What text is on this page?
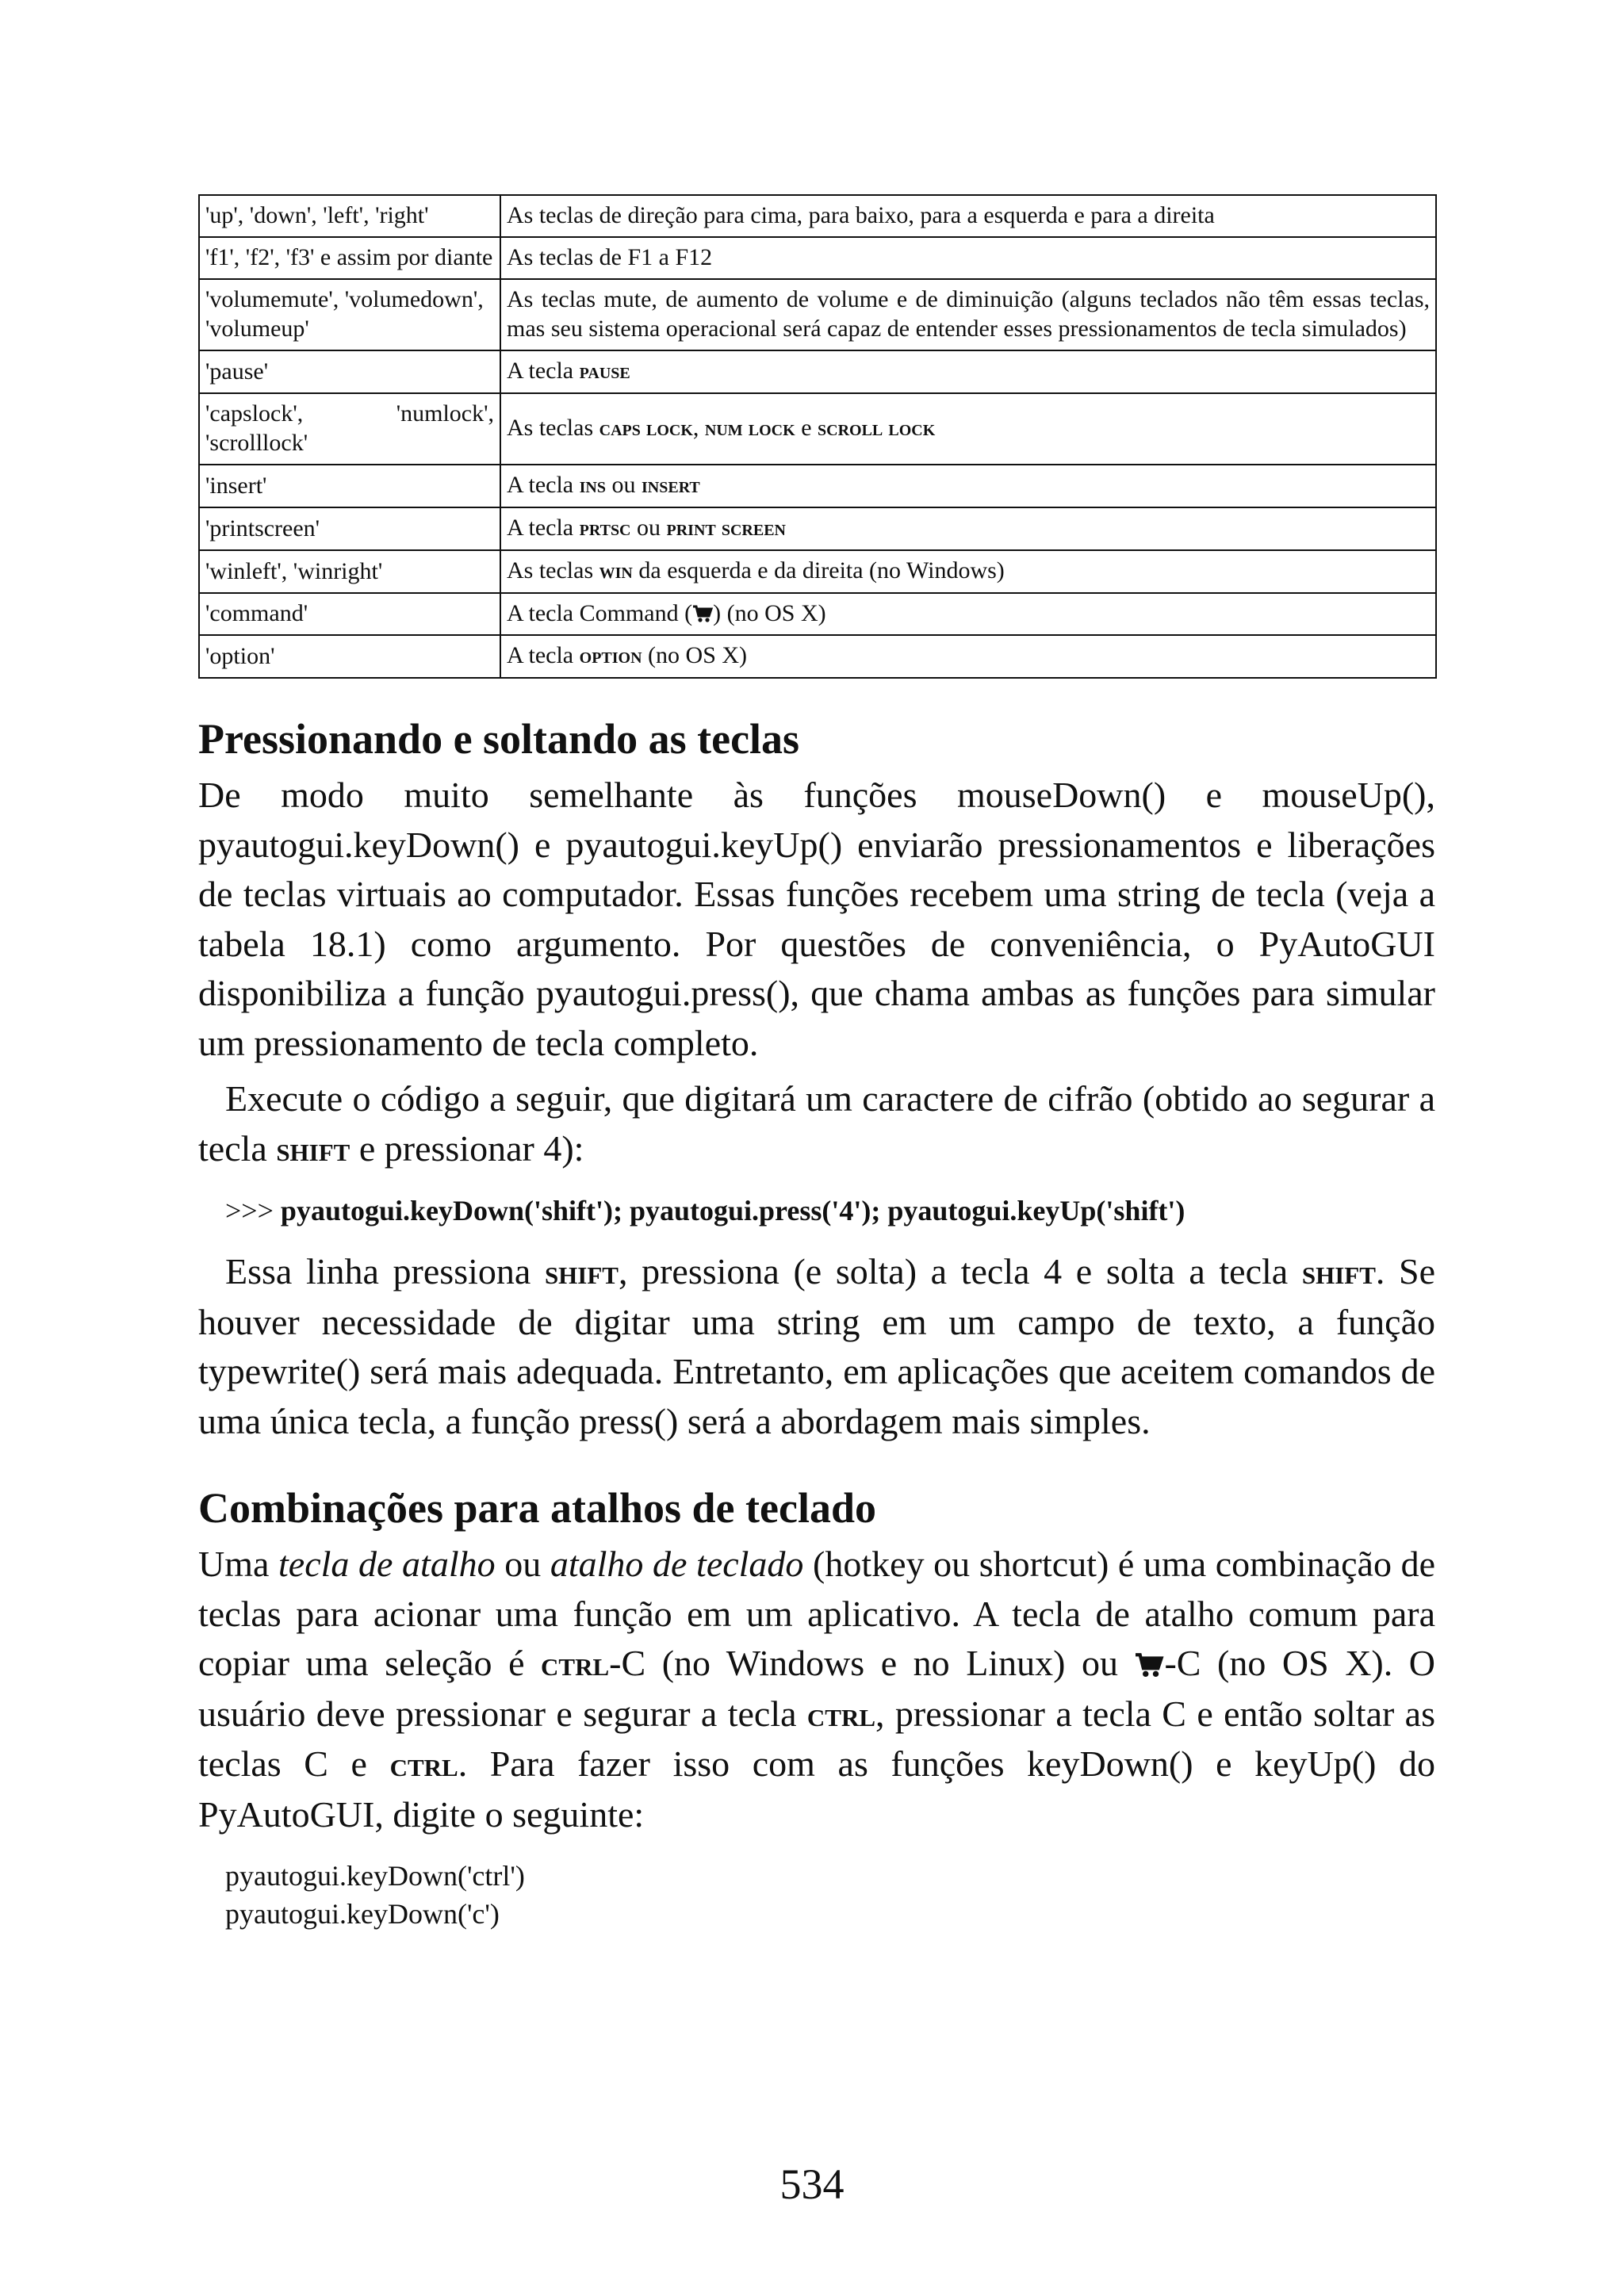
'up', 'down', 'left', 'right'	As teclas de direção para cima, para baixo, para a esquerda e para a direita
'f1', 'f2', 'f3' e assim por diante	As teclas de F1 a F12
'volumemute', 'volumedown', 'volumeup'	As teclas mute, de aumento de volume e de diminuição (alguns teclados não têm essas teclas, mas seu sistema operacional será capaz de entender esses pressionamentos de tecla simulados)
'pause'	A tecla pause
'capslock', 'numlock', 'scrolllock'	As teclas caps lock, num lock e scroll lock
'insert'	A tecla ins ou insert
'printscreen'	A tecla prtsc ou print screen
'winleft', 'winright'	As teclas win da esquerda e da direita (no Windows)
'command'	A tecla Command ( ) (no OS X)
'option'	A tecla option (no OS X)
Pressionando e soltando as teclas

De modo muito semelhante às funções mouseDown() e mouseUp(), pyautogui.keyDown() e pyautogui.keyUp() enviarão pressionamentos e liberações de teclas virtuais ao computador. Essas funções recebem uma string de tecla (veja a tabela 18.1) como argumento. Por questões de conveniência, o PyAutoGUI disponibiliza a função pyautogui.press(), que chama ambas as funções para simular um pressionamento de tecla completo.

Execute o código a seguir, que digitará um caractere de cifrão (obtido ao segurar a tecla shift e pressionar 4):

>>> pyautogui.keyDown('shift'); pyautogui.press('4'); pyautogui.keyUp('shift')

Essa linha pressiona shift, pressiona (e solta) a tecla 4 e solta a tecla shift. Se houver necessidade de digitar uma string em um campo de texto, a função typewrite() será mais adequada. Entretanto, em aplicações que aceitem comandos de uma única tecla, a função press() será a abordagem mais simples.

Combinações para atalhos de teclado

Uma tecla de atalho ou atalho de teclado (hotkey ou shortcut) é uma combinação de teclas para acionar uma função em um aplicativo. A tecla de atalho comum para copiar uma seleção é ctrl-C (no Windows e no Linux) ou -C (no OS X). O usuário deve pressionar e segurar a tecla ctrl, pressionar a tecla C e então soltar as teclas C e ctrl. Para fazer isso com as funções keyDown() e keyUp() do PyAutoGUI, digite o seguinte:

pyautogui.keyDown('ctrl')
pyautogui.keyDown('c')
534
